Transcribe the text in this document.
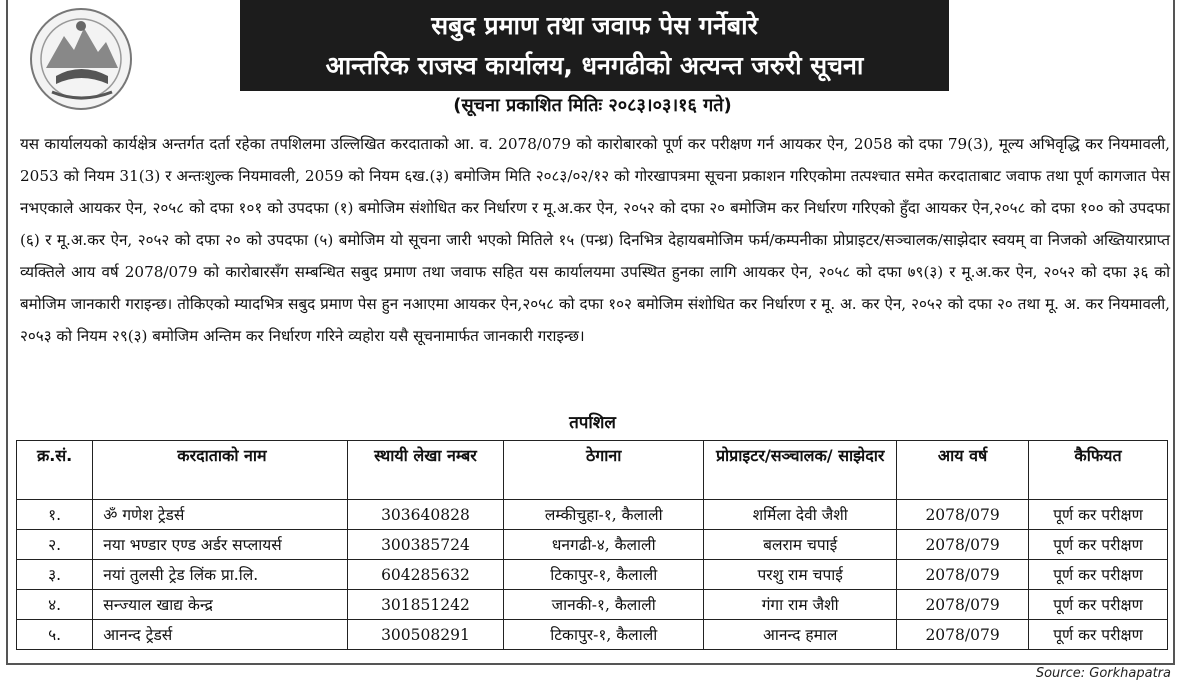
सबुद प्रमाण तथा जवाफ पेस गर्नेबारे
आन्तरिक राजस्व कार्यालय, धनगढीको अत्यन्त जरुरी सूचना
(सूचना प्रकाशित मितिः २०८३।०३।१६ गते)
यस कार्यालयको कार्यक्षेत्र अन्तर्गत दर्ता रहेका तपशिलमा उल्लिखित करदाताको आ. व. 2078/079 को कारोबारको पूर्ण कर परीक्षण गर्न आयकर ऐन, 2058 को दफा 79(3), मूल्य अभिवृद्धि कर नियमावली, 2053 को नियम 31(3) र अन्तःशुल्क नियमावली, 2059 को नियम ६ख.(३) बमोजिम मिति २०८३/०२/१२ को गोरखापत्रमा सूचना प्रकाशन गरिएकोमा तत्पश्चात समेत करदाताबाट जवाफ तथा पूर्ण कागजात पेस नभएकाले आयकर ऐन, २०५८ को दफा १०१ को उपदफा (१) बमोजिम संशोधित कर निर्धारण र मू.अ.कर ऐन, २०५२ को दफा २० बमोजिम कर निर्धारण गरिएको हुँदा आयकर ऐन,२०५८ को दफा १०० को उपदफा (६) र मू.अ.कर ऐन, २०५२ को दफा २० को उपदफा (५) बमोजिम यो सूचना जारी भएको मितिले १५ (पन्ध्र) दिनभित्र देहायबमोजिम फर्म/कम्पनीका प्रोप्राइटर/सञ्चालक/साझेदार स्वयम् वा निजको अख्तियारप्राप्त व्यक्तिले आय वर्ष 2078/079 को कारोबारसँग सम्बन्धित सबुद प्रमाण तथा जवाफ सहित यस कार्यालयमा उपस्थित हुनका लागि आयकर ऐन, २०५८ को दफा ७९(३) र मू.अ.कर ऐन, २०५२ को दफा ३६ को बमोजिम जानकारी गराइन्छ। तोकिएको म्यादभित्र सबुद प्रमाण पेस हुन नआएमा आयकर ऐन,२०५८ को दफा १०२ बमोजिम संशोधित कर निर्धारण र मू. अ. कर ऐन, २०५२ को दफा २० तथा मू. अ. कर नियमावली, २०५३ को नियम २९(३) बमोजिम अन्तिम कर निर्धारण गरिने व्यहोरा यसै सूचनामार्फत जानकारी गराइन्छ।
तपशिल
क्र.सं.	करदाताको नाम	स्थायी लेखा नम्बर	ठेगाना	प्रोप्राइटर/सञ्चालक/ साझेदार	आय वर्ष	कैफियत
१.	ॐ गणेश ट्रेडर्स	303640828	लम्कीचुहा-१, कैलाली	शर्मिला देवी जैशी	2078/079	पूर्ण कर परीक्षण
२.	नया भण्डार एण्ड अर्डर सप्लायर्स	300385724	धनगढी-४, कैलाली	बलराम चपाई	2078/079	पूर्ण कर परीक्षण
३.	नयां तुलसी ट्रेड लिंक प्रा.लि.	604285632	टिकापुर-१, कैलाली	परशु राम चपाई	2078/079	पूर्ण कर परीक्षण
४.	सन्ज्याल खाद्य केन्द्र	301851242	जानकी-१, कैलाली	गंगा राम जैशी	2078/079	पूर्ण कर परीक्षण
५.	आनन्द ट्रेडर्स	300508291	टिकापुर-१, कैलाली	आनन्द हमाल	2078/079	पूर्ण कर परीक्षण
Source: Gorkhapatra
